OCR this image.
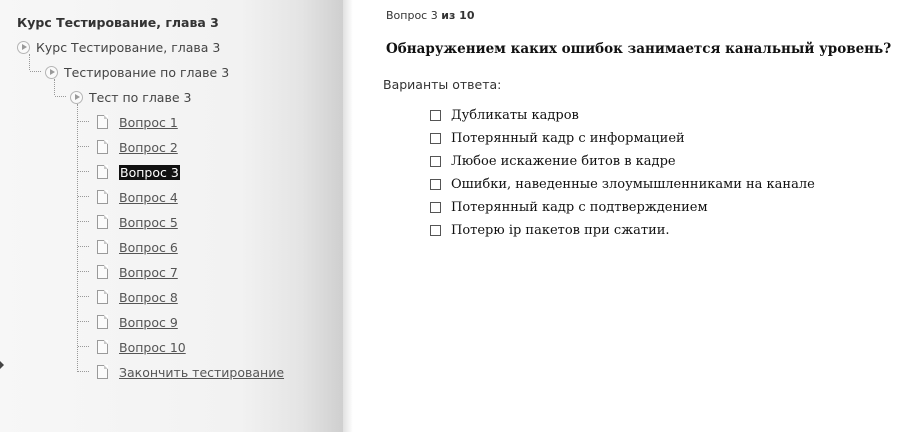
Курс Тестирование, глава 3
Курс Тестирование, глава 3
Тестирование по главе 3
Тест по главе 3
Вопрос 1
Вопрос 2
Вопрос 3
Вопрос 4
Вопрос 5
Вопрос 6
Вопрос 7
Вопрос 8
Вопрос 9
Вопрос 10
Закончить тестирование
Вопрос 3 из 10
Обнаружением каких ошибок занимается канальный уровень?
Варианты ответа:
Дубликаты кадров
Потерянный кадр с информацией
Любое искажение битов в кадре
Ошибки, наведенные злоумышленниками на канале
Потерянный кадр с подтверждением
Потерю ip пакетов при сжатии.
